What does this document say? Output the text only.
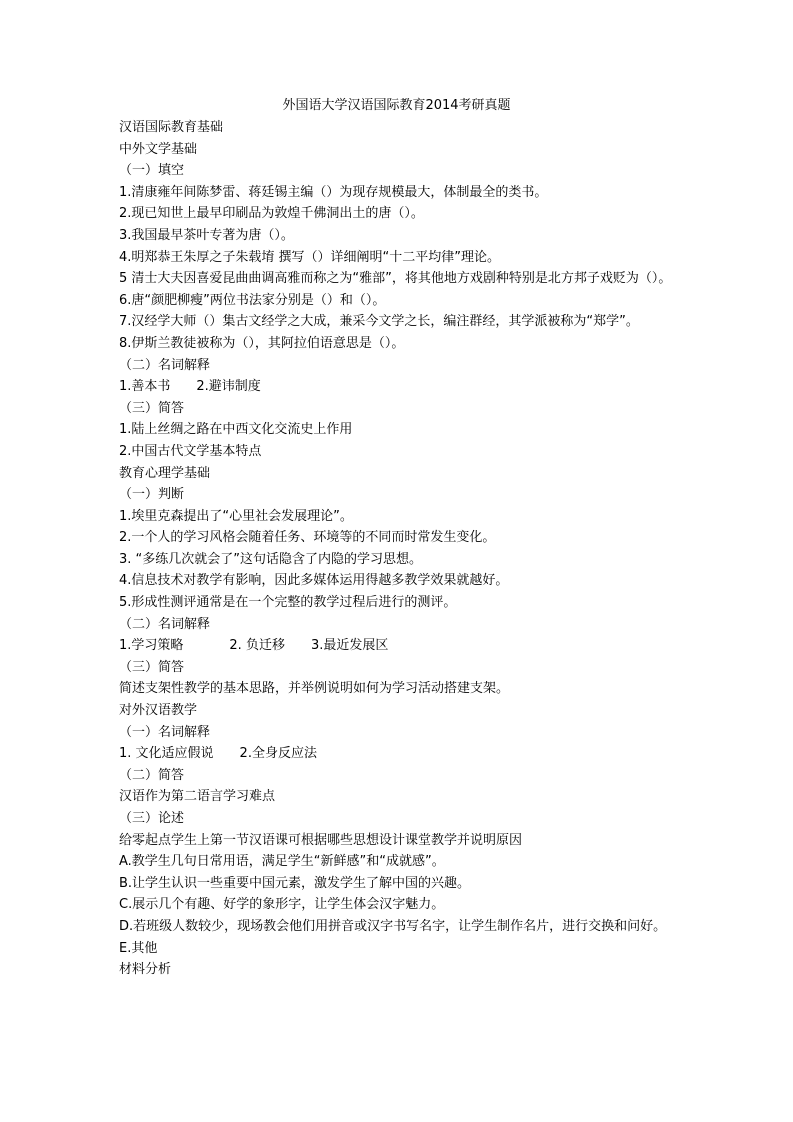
外国语大学汉语国际教育2014考研真题
汉语国际教育基础
中外文学基础
（一）填空
1.清康雍年间陈梦雷、蒋廷锡主编（）为现存规模最大，体制最全的类书。
2.现已知世上最早印刷品为敦煌千佛洞出土的唐（）。
3.我国最早茶叶专著为唐（）。
4.明郑恭王朱厚之子朱载堉 撰写（）详细阐明“十二平均律”理论。
5 清士大夫因喜爱昆曲曲调高雅而称之为“雅部”，将其他地方戏剧种特别是北方邦子戏贬为（）。
6.唐“颜肥柳瘦”两位书法家分别是（）和（）。
7.汉经学大师（）集古文经学之大成，兼采今文学之长，编注群经，其学派被称为“郑学”。
8.伊斯兰教徒被称为（），其阿拉伯语意思是（）。
（二）名词解释
1.善本书 2.避讳制度
（三）简答
1.陆上丝绸之路在中西文化交流史上作用
2.中国古代文学基本特点
教育心理学基础
（一）判断
1.埃里克森提出了“心里社会发展理论”。
2.一个人的学习风格会随着任务、环境等的不同而时常发生变化。
3. “多练几次就会了”这句话隐含了内隐的学习思想。
4.信息技术对教学有影响，因此多媒体运用得越多教学效果就越好。
5.形成性测评通常是在一个完整的教学过程后进行的测评。
（二）名词解释
1.学习策略	2. 负迁移 3.最近发展区
（三）简答
简述支架性教学的基本思路，并举例说明如何为学习活动搭建支架。
对外汉语教学
（一）名词解释
1. 文化适应假说 2.全身反应法
（二）简答
汉语作为第二语言学习难点
（三）论述
给零起点学生上第一节汉语课可根据哪些思想设计课堂教学并说明原因
A.教学生几句日常用语，满足学生“新鲜感”和“成就感”。
B.让学生认识一些重要中国元素，激发学生了解中国的兴趣。
C.展示几个有趣、好学的象形字，让学生体会汉字魅力。
D.若班级人数较少，现场教会他们用拼音或汉字书写名字，让学生制作名片，进行交换和问好。
E.其他
材料分析
